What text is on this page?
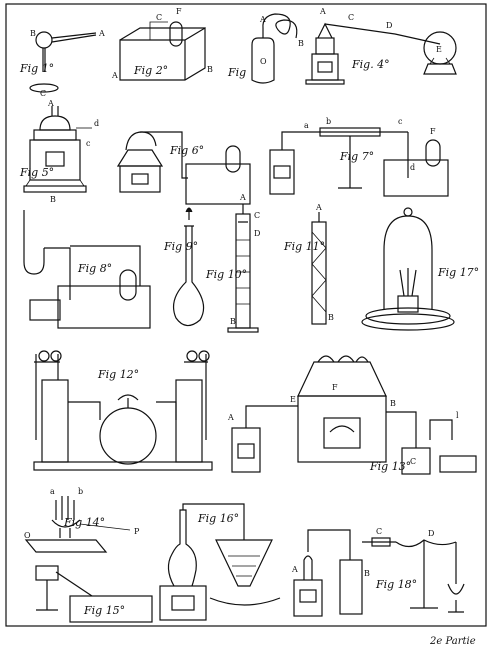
B	A
C
Fig 1°
C
F
A
B
Fig 2°
O
A
B
Fig
C
D
E
A
Fig. 4°
A
B
c
d
Fig 5°
Fig 6°
a b	c
F
d
Fig 7°
Fig 8°
Fig 9°
A
C
D
B
Fig 10°
A
B
Fig 11°
Fig 17°
Fig 12°
F
A
E	B
C
l
Fig 13°
a	b
O	P
Fig 14°
Fig 15°
Fig 16°
A	B
C	D
Fig 18°
2e Partie
